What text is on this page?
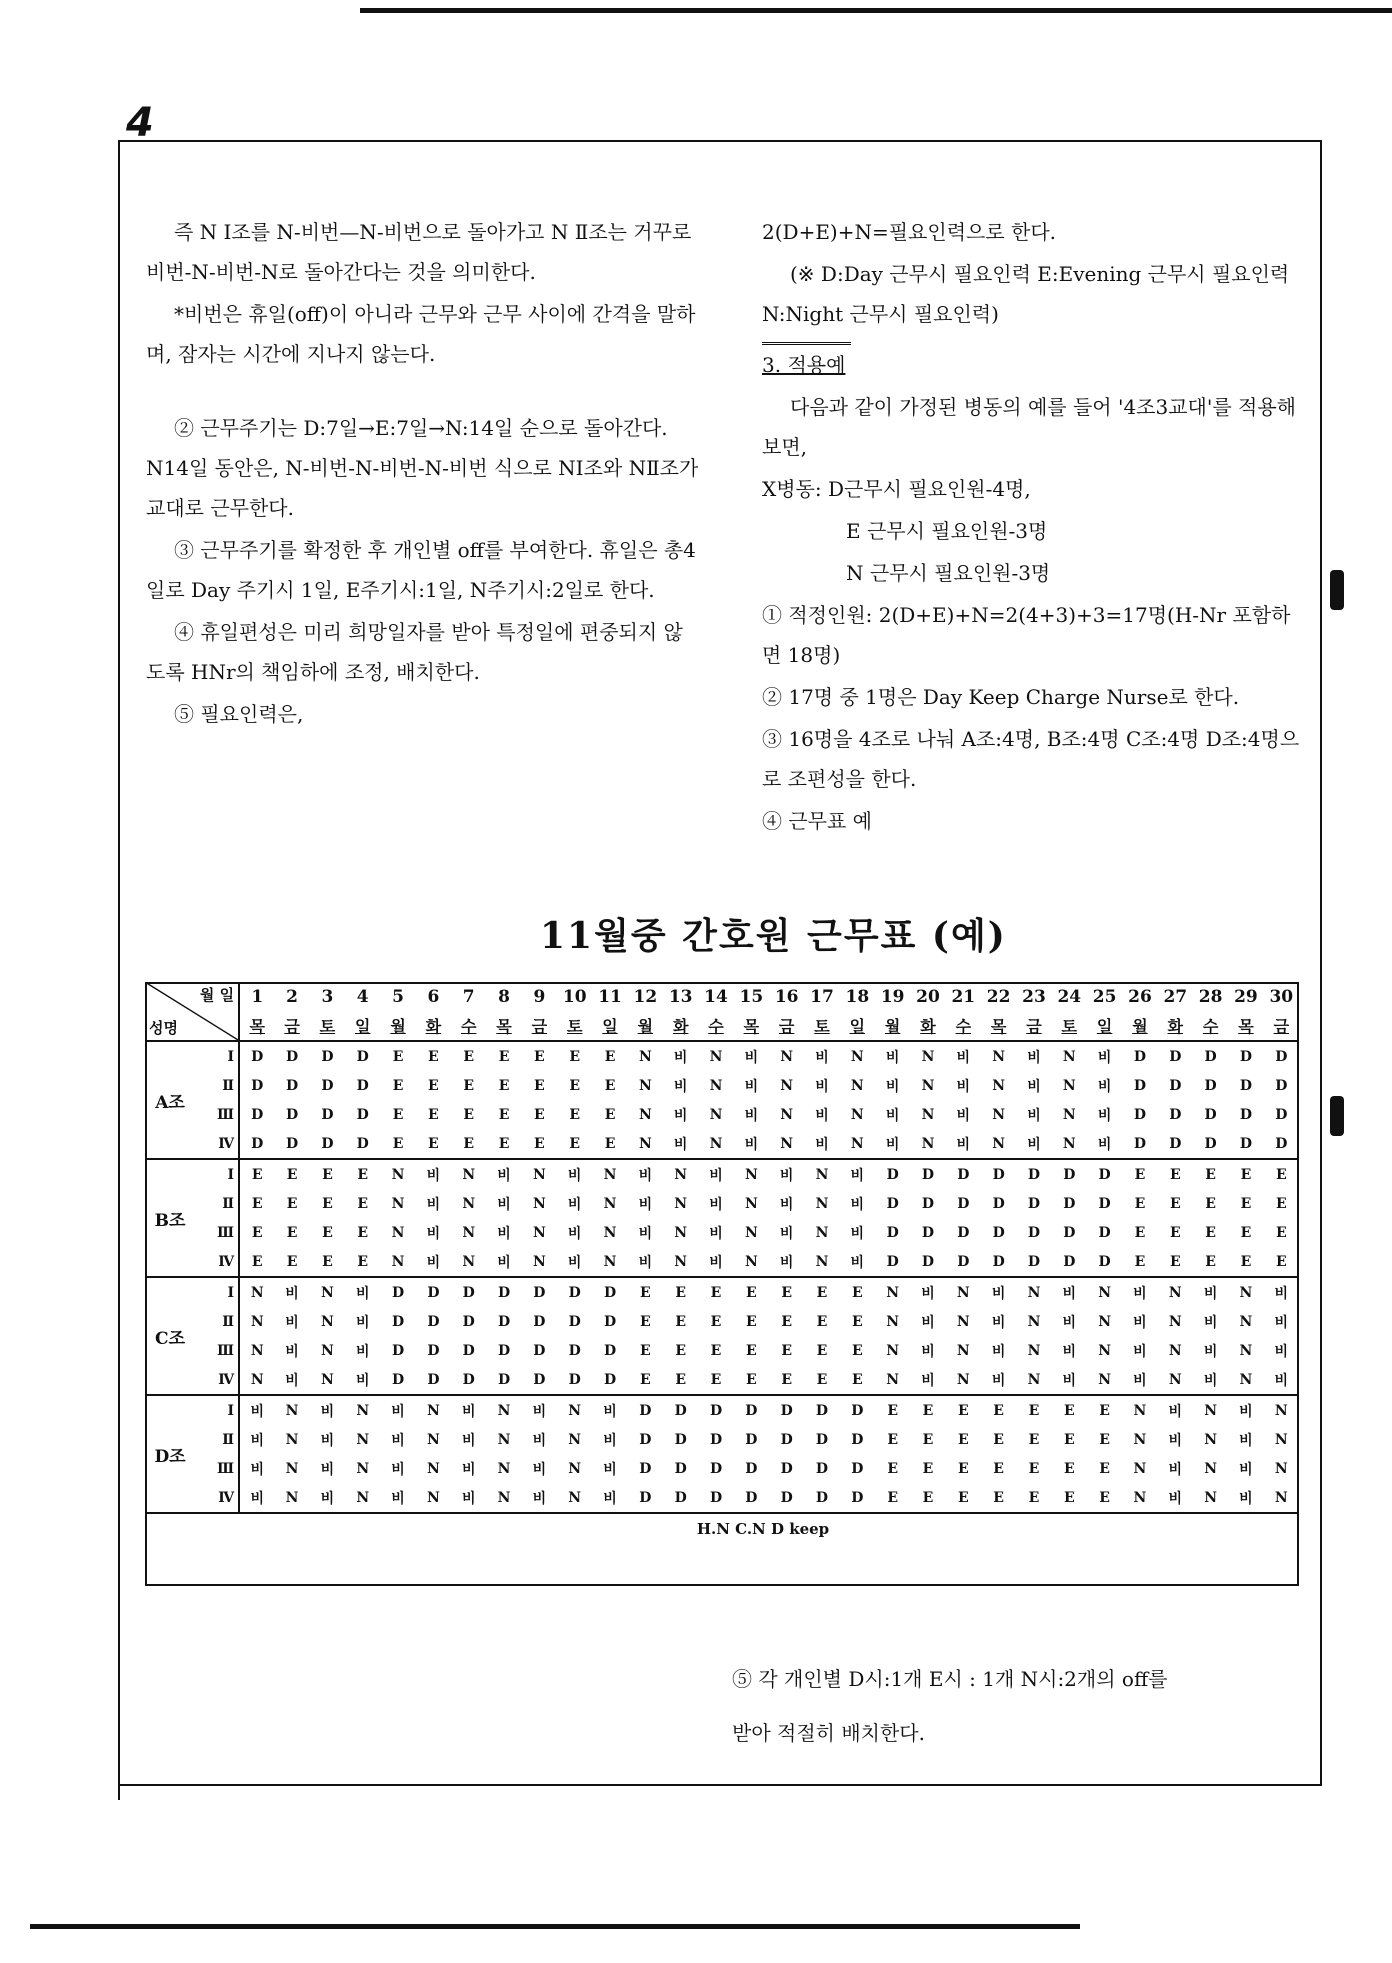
4

즉 N Ⅰ조를 N-비번—N-비번으로 돌아가고 N Ⅱ조는 거꾸로 비번-N-비번-N로 돌아간다는 것을 의미한다.

*비번은 휴일(off)이 아니라 근무와 근무 사이에 간격을 말하며, 잠자는 시간에 지나지 않는다.

② 근무주기는 D:7일→E:7일→N:14일 순으로 돌아간다. N14일 동안은, N-비번-N-비번-N-비번 식으로 NⅠ조와 NⅡ조가 교대로 근무한다.

③ 근무주기를 확정한 후 개인별 off를 부여한다. 휴일은 총4일로 Day 주기시 1일, E주기시:1일, N주기시:2일로 한다.

④ 휴일편성은 미리 희망일자를 받아 특정일에 편중되지 않도록 HNr의 책임하에 조정, 배치한다.

⑤ 필요인력은,

2(D+E)+N=필요인력으로 한다.

(※ D:Day 근무시 필요인력 E:Evening 근무시 필요인력 N:Night 근무시 필요인력)

3. 적용예

다음과 같이 가정된 병동의 예를 들어 '4조3교대'를 적용해 보면,

X병동: D근무시 필요인원-4명,

E 근무시 필요인원-3명

N 근무시 필요인원-3명

① 적정인원: 2(D+E)+N=2(4+3)+3=17명(H-Nr 포함하면 18명)

② 17명 중 1명은 Day Keep Charge Nurse로 한다.

③ 16명을 4조로 나눠 A조:4명, B조:4명 C조:4명 D조:4명으로 조편성을 한다.

④ 근무표 예

11월중 간호원 근무표 (예)
월 일
성명		1	2	3	4	5	6	7	8	9	10	11	12	13	14	15	16	17	18	19	20	21	22	23	24	25	26	27	28	29	30
		목	금	토	일	월	화	수	목	금	토	일	월	화	수	목	금	토	일	월	화	수	목	금	토	일	월	화	수	목	금
A조	Ⅰ	D	D	D	D	E	E	E	E	E	E	E	N	비	N	비	N	비	N	비	N	비	N	비	N	비	D	D	D	D	D
	Ⅱ	D	D	D	D	E	E	E	E	E	E	E	N	비	N	비	N	비	N	비	N	비	N	비	N	비	D	D	D	D	D
	Ⅲ	D	D	D	D	E	E	E	E	E	E	E	N	비	N	비	N	비	N	비	N	비	N	비	N	비	D	D	D	D	D
	Ⅳ	D	D	D	D	E	E	E	E	E	E	E	N	비	N	비	N	비	N	비	N	비	N	비	N	비	D	D	D	D	D
B조	Ⅰ	E	E	E	E	N	비	N	비	N	비	N	비	N	비	N	비	N	비	D	D	D	D	D	D	D	E	E	E	E	E
	Ⅱ	E	E	E	E	N	비	N	비	N	비	N	비	N	비	N	비	N	비	D	D	D	D	D	D	D	E	E	E	E	E
	Ⅲ	E	E	E	E	N	비	N	비	N	비	N	비	N	비	N	비	N	비	D	D	D	D	D	D	D	E	E	E	E	E
	Ⅳ	E	E	E	E	N	비	N	비	N	비	N	비	N	비	N	비	N	비	D	D	D	D	D	D	D	E	E	E	E	E
C조	Ⅰ	N	비	N	비	D	D	D	D	D	D	D	E	E	E	E	E	E	E	N	비	N	비	N	비	N	비	N	비	N	비
	Ⅱ	N	비	N	비	D	D	D	D	D	D	D	E	E	E	E	E	E	E	N	비	N	비	N	비	N	비	N	비	N	비
	Ⅲ	N	비	N	비	D	D	D	D	D	D	D	E	E	E	E	E	E	E	N	비	N	비	N	비	N	비	N	비	N	비
	Ⅳ	N	비	N	비	D	D	D	D	D	D	D	E	E	E	E	E	E	E	N	비	N	비	N	비	N	비	N	비	N	비
D조	Ⅰ	비	N	비	N	비	N	비	N	비	N	비	D	D	D	D	D	D	D	E	E	E	E	E	E	E	N	비	N	비	N
	Ⅱ	비	N	비	N	비	N	비	N	비	N	비	D	D	D	D	D	D	D	E	E	E	E	E	E	E	N	비	N	비	N
	Ⅲ	비	N	비	N	비	N	비	N	비	N	비	D	D	D	D	D	D	D	E	E	E	E	E	E	E	N	비	N	비	N
	Ⅳ	비	N	비	N	비	N	비	N	비	N	비	D	D	D	D	D	D	D	E	E	E	E	E	E	E	N	비	N	비	N
H.N C.N D keep																															

⑤ 각 개인별 D시:1개 E시 : 1개 N시:2개의 off를

받아 적절히 배치한다.
